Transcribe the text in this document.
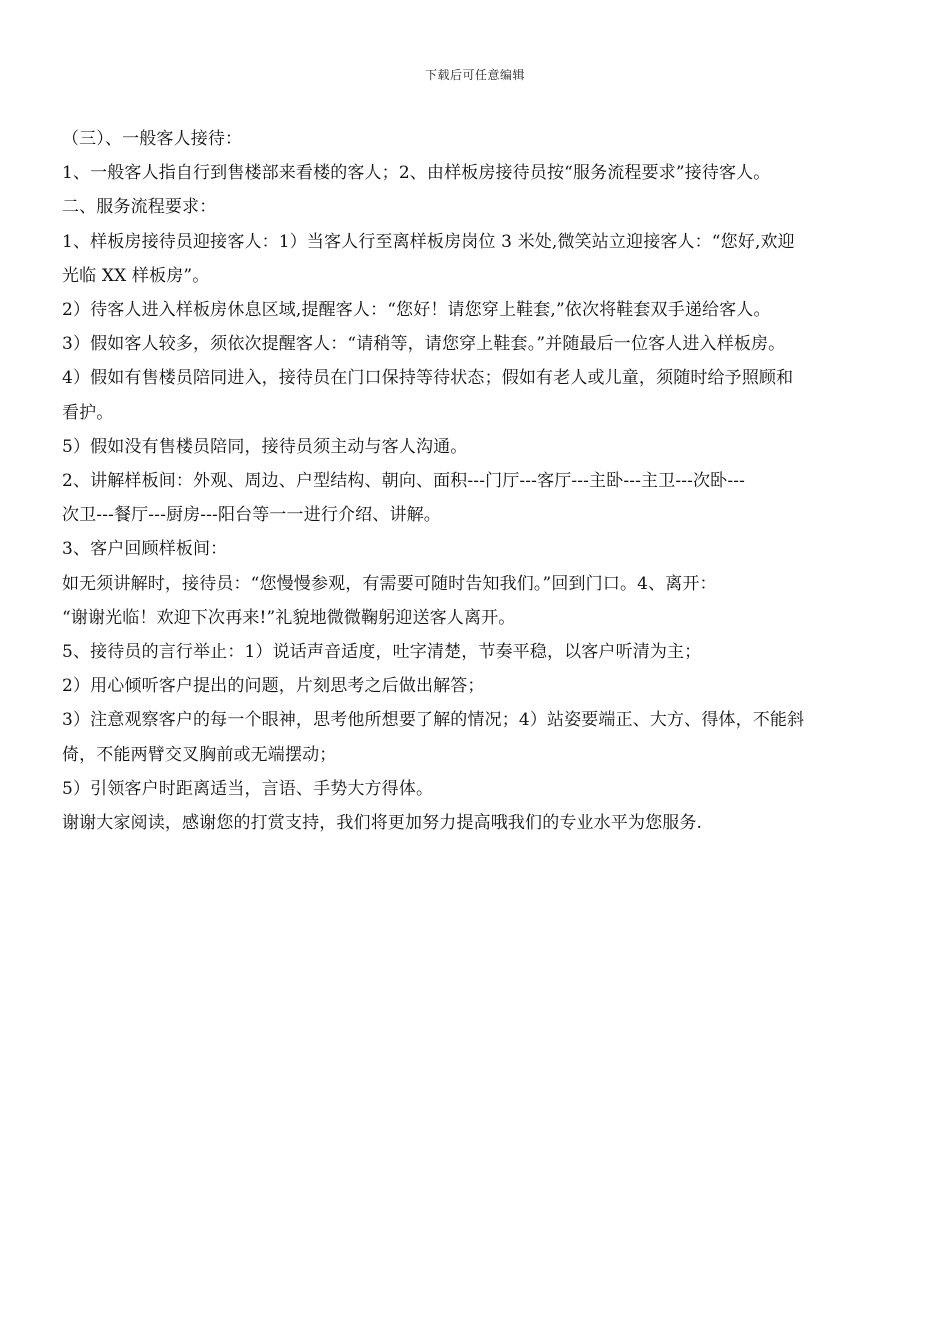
下载后可任意编辑
（三）、一般客人接待：
1、一般客人指自行到售楼部来看楼的客人；2、由样板房接待员按“服务流程要求”接待客人。
二、服务流程要求：
1、样板房接待员迎接客人：1）当客人行至离样板房岗位 3 米处,微笑站立迎接客人：“您好,欢迎
光临 XX 样板房”。
2）待客人进入样板房休息区域,提醒客人：“您好！请您穿上鞋套,”依次将鞋套双手递给客人。
3）假如客人较多，须依次提醒客人：“请稍等，请您穿上鞋套。”并随最后一位客人进入样板房。
4）假如有售楼员陪同进入，接待员在门口保持等待状态；假如有老人或儿童，须随时给予照顾和
看护。
5）假如没有售楼员陪同，接待员须主动与客人沟通。
2、讲解样板间：外观、周边、户型结构、朝向、面积---门厅---客厅---主卧---主卫---次卧---
次卫---餐厅---厨房---阳台等一一进行介绍、讲解。
3、客户回顾样板间：
如无须讲解时，接待员：“您慢慢参观，有需要可随时告知我们。”回到门口。4、离开：
“谢谢光临！欢迎下次再来!”礼貌地微微鞠躬迎送客人离开。
5、接待员的言行举止：1）说话声音适度，吐字清楚，节奏平稳，以客户听清为主；
2）用心倾听客户提出的问题，片刻思考之后做出解答；
3）注意观察客户的每一个眼神，思考他所想要了解的情况；4）站姿要端正、大方、得体，不能斜
倚，不能两臂交叉胸前或无端摆动；
5）引领客户时距离适当，言语、手势大方得体。
谢谢大家阅读，感谢您的打赏支持，我们将更加努力提高哦我们的专业水平为您服务.
